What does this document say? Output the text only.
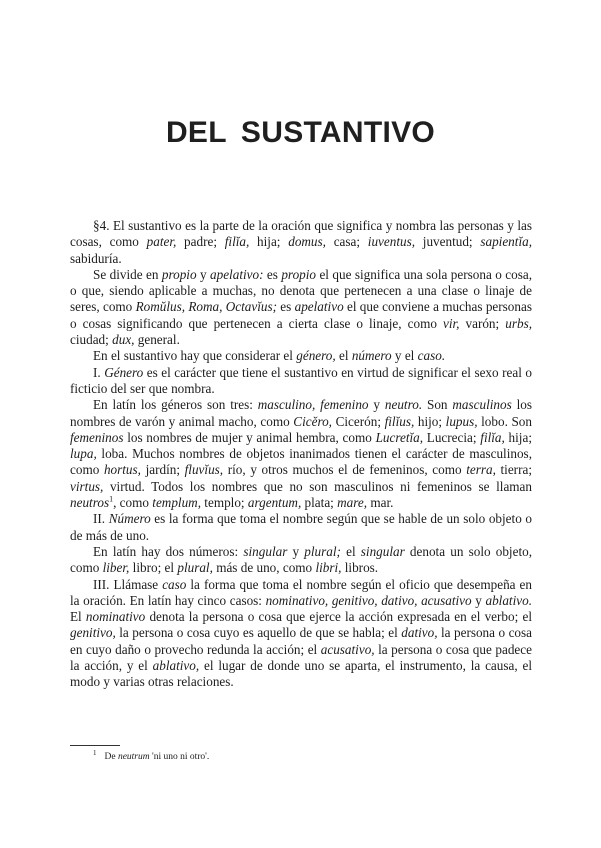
DEL SUSTANTIVO

§4. El sustantivo es la parte de la oración que significa y nombra las personas y las cosas, como pater, padre; filĭa, hija; domus, casa; iuventus, juventud; sapientĭa, sabiduría.

Se divide en propio y apelativo: es propio el que significa una sola persona o cosa, o que, siendo aplicable a muchas, no denota que pertenecen a una clase o linaje de seres, como Romŭlus, Roma, Octavĭus; es apelativo el que conviene a muchas personas o cosas significando que pertenecen a cierta clase o linaje, como vir, varón; urbs, ciudad; dux, general.

En el sustantivo hay que considerar el género, el número y el caso.

I. Género es el carácter que tiene el sustantivo en virtud de significar el sexo real o ficticio del ser que nombra.

En latín los géneros son tres: masculino, femenino y neutro. Son masculinos los nombres de varón y animal macho, como Cicĕro, Cicerón; filĭus, hijo; lupus, lobo. Son femeninos los nombres de mujer y animal hembra, como Lucretĭa, Lucrecia; filĭa, hija; lupa, loba. Muchos nombres de objetos inanimados tienen el carácter de masculinos, como hortus, jardín; fluvĭus, río, y otros muchos el de femeninos, como terra, tierra; virtus, virtud. Todos los nombres que no son masculinos ni femeninos se llaman neutros$^1$, como templum, templo; argentum, plata; mare, mar.

II. Número es la forma que toma el nombre según que se hable de un solo objeto o de más de uno.

En latín hay dos números: singular y plural; el singular denota un solo objeto, como liber, libro; el plural, más de uno, como libri, libros.

III. Llámase caso la forma que toma el nombre según el oficio que desempeña en la oración. En latín hay cinco casos: nominativo, genitivo, dativo, acusativo y ablativo. El nominativo denota la persona o cosa que ejerce la acción expresada en el verbo; el genitivo, la persona o cosa cuyo es aquello de que se habla; el dativo, la persona o cosa en cuyo daño o provecho redunda la acción; el acusativo, la persona o cosa que padece la acción, y el ablativo, el lugar de donde uno se aparta, el instrumento, la causa, el modo y varias otras relaciones.

$^1$ De neutrum 'ni uno ni otro'.
